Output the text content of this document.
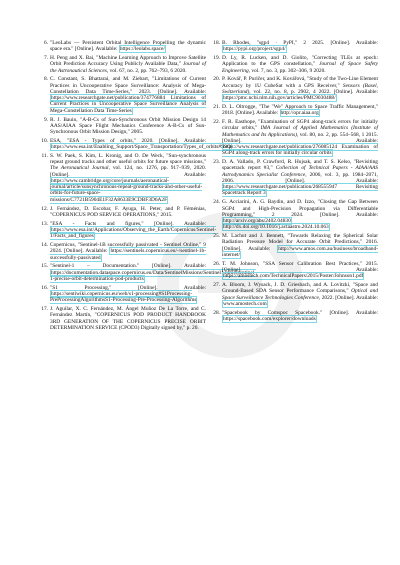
6. "LeoLabs — Persistent Orbital Intelligence Propelling the dynamic space era." [Online]. Available: https://leolabs.space/

7. H. Peng and X. Bai, "Machine Learning Approach to Improve Satellite Orbit Prediction Accuracy Using Publicly Available Data," Journal of the Astronautical Sciences, vol. 67, no. 2, pp. 762–793, 6 2020.

8. C. Constant, S. Bhattarai, and M. Ziebart, "Limitations of Current Practices in Uncooperative Space Surveillance: Analysis of Mega-Constellation Data Time-Series," 2023. [Online]. Available: https://www.researchgate.net/publication/374776884 Limitations of Current Practices in Uncooperative Space Surveillance Analysis of Mega-Constellation Data Time-Series

9. R. J. Bauin, "A-B-Cs of Sun-Synchronous Orbit Mission Design 14 AAS/AIAA Space Flight Mechanics Conference A-B-Cs of Sun-Synchronous Orbit Mission Design," 2005.

10. ESA, "ESA - Types of orbits," 2020. [Online]. Available: https://www.esa.int/Enabling_Support/Space_Transportation/Types_of_orbits#SSO

11. S. W. Paek, S. Kim, L. Kronig, and O. De Weck, "Sun-synchronous repeat ground tracks and other useful orbits for future space missions," The Aeronautical Journal, vol. 124, no. 1276, pp. 917–939, 2020. [Online]. Available: https://www.cambridge.org/core/journals/aeronautical-journal/article/sunsynchronous-repeat-ground-tracks-and-other-useful-orbits-for-future-space-missions/C7721B5904E1F32A8633E9CDBF3D6A2F

12. J. Fernández, D. Escobar, F. Ayuga, H. Peter, and P. Féménias, "COPERNICUS POD SERVICE OPERATIONS," 2015.

13. "ESA - Facts and figures," [Online]. Available: https://www.esa.int/Applications/Observing_the_Earth/Copernicus/Sentinel-1/Facts_and_figures

14. Copernicus, "Sentinel-1B successfully passivated - Sentinel Online," 9 2024. [Online]. Available: https://sentinels.copernicus.eu/-/sentinel-1b-successfully-passivated

15. "Sentinel-1 – Documentation." [Online]. Available: https://documentation.dataspace.copernicus.eu/Data/SentinelMissions/Sentinel1.html#sentinel-1-precise-orbit-determination-pod-products

16. "S1 Processing," [Online]. Available: https://sentiwiki.copernicus.eu/web/s1-processing#S1Processing-PreProcessingAlgorithmsS1-Processing-Pre-Processing-Algorithms

17. J. Aguilar, X. C. Fernández, M. Ángel Muñoz De La Torre, and C. Fernández Martín, "COPERNICUS POD PRODUCT HANDBOOK 3RD GENERATION OF THE COPERNICUS PRECISE ORBIT DETERMINATION SERVICE (CPOD3) Digitally signed by," p. 20.

18. B. Rhodes, "sgp4 · PyPI," 2 2025. [Online]. Available: https://pypi.org/project/sgp4/

19. D. Ly, R. Lucken, and D. Giolito, "Correcting TLEs at epoch: Application to the GPS constellation," Journal of Space Safety Engineering, vol. 7, no. 3, pp. 302–306, 9 2020.

20. P. Kovář, P. Puričer, and K. Kovářová, "Study of the Two-Line Element Accuracy by 1U CubeSat with a GPS Receiver," Sensors (Basel, Switzerland), vol. 22, no. 8, p. 2902, 4 2022. [Online]. Available: https://pmc.ncbi.nlm.nih.gov/articles/PMC9030488/

21. D. L. Oltrogge, "The "We" Approach to Space Traffic Management," 2018. [Online]. Available: http://opr.aiaa.org

22. F. R. Easthope, "Examination of SGP4 along-track errors for initially circular orbits," IMA Journal of Applied Mathematics (Institute of Mathematics and Its Applications), vol. 80, no. 2, pp. 554–568, 1 2015. [Online]. Available: https://www.researchgate.net/publication/276085124 Examination of SGP4 along-track errors for initially circular orbits

23. D. A. Vallado, P. Crawford, R. Hujsak, and T. S. Kelso, "Revisiting spacetrack report #3," Collection of Technical Papers - AIAA/AAS Astrodynamics Specialist Conference, 2006, vol. 3, pp. 1984–2071, 2006. [Online]. Available: https://www.researchgate.net/publication/268555947 Revisiting Spacetrack Report 3

24. G. Acciarini, A. G. Baydin, and D. Izzo, "Closing the Gap Between SGP4 and High-Precision Propagation via Differentiable Programming," 2 2024. [Online]. Available: http://arxiv.org/abs/2402.04830 http://dx.doi.org/10.1016/j.actaastro.2024.10.063

25. M. Lachut and J. Bennett, "Towards Relaxing the Spherical Solar Radiation Pressure Model for Accurate Orbit Predictions," 2016. [Online]. Available: http://www.amos.com.au/business/broadband-internet/

26. T. M. Johnson, "SSA Sensor Calibration Best Practices," 2015. [Online]. Available: https://amostech.com/TechnicalPapers/2015/Poster/Johnson1.pdf

27. A. Bloom, J. Wysack, J. D. Griesbach, and A. Lovitzki, "Space and Ground-Based SDA Sensor Performance Comparisons," Optical and Space Surveillance Technologies Conference, 2022. [Online]. Available: www.amostech.com

28. "Spacebook by Comspoc Spacebook." [Online]. Available: https://spacebook.com/explorer/downloads
